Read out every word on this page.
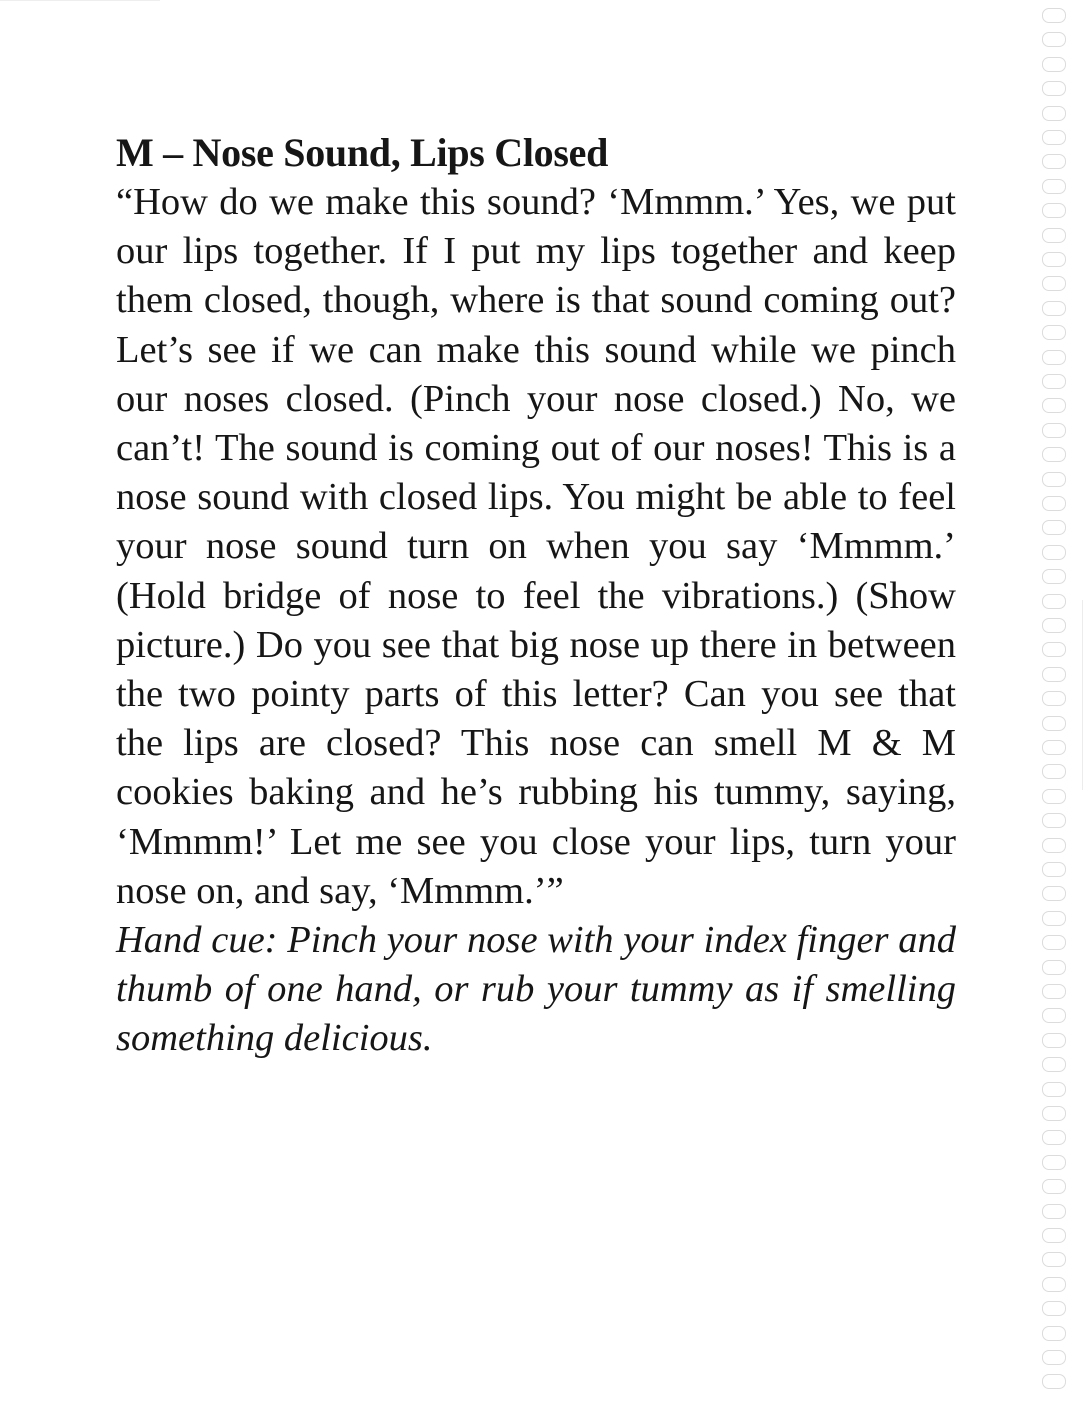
M – Nose Sound, Lips Closed

“How do we make this sound? ‘Mmmm.’ Yes, we put our lips together. If I put my lips together and keep them closed, though, where is that sound coming out? Let’s see if we can make this sound while we pinch our noses closed. (Pinch your nose closed.) No, we can’t! The sound is coming out of our noses! This is a nose sound with closed lips. You might be able to feel your nose sound turn on when you say ‘Mmmm.’ (Hold bridge of nose to feel the vibrations.) (Show picture.) Do you see that big nose up there in between the two pointy parts of this letter? Can you see that the lips are closed? This nose can smell M & M cookies baking and he’s rubbing his tummy, saying, ‘Mmmm!’ Let me see you close your lips, turn your nose on, and say, ‘Mmmm.’”

Hand cue: Pinch your nose with your index finger and thumb of one hand, or rub your tummy as if smelling something delicious.
